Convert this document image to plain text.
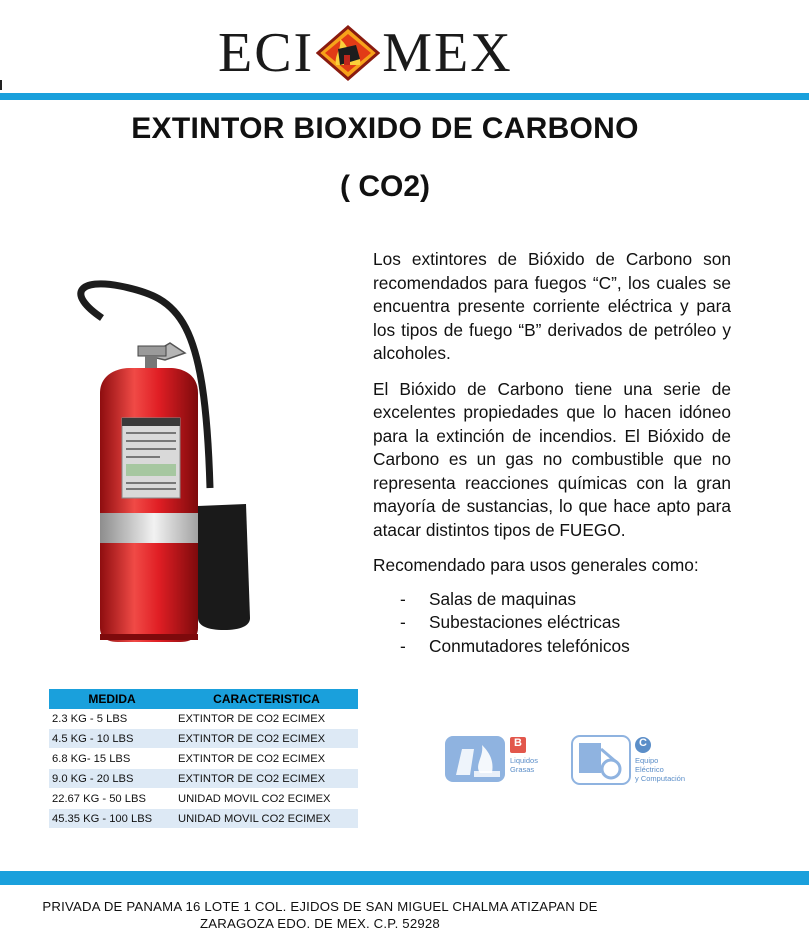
ECI MEX
EXTINTOR BIOXIDO DE CARBONO
( CO2)

Los extintores de Bióxido de Carbono son recomendados para fuegos “C”, los cuales se encuentra presente corriente eléctrica y para los tipos de fuego “B” derivados de petróleo y alcoholes.

El Bióxido de Carbono tiene una serie de excelentes propiedades que lo hacen idóneo para la extinción de incendios. El Bióxido de Carbono es un gas no combustible que no representa reacciones químicas con la gran mayoría de sustancias, lo que hace apto para atacar distintos tipos de FUEGO.

Recomendado para usos generales como:

-	Salas de maquinas
-	Subestaciones eléctricas
-	Conmutadores telefónicos
MEDIDA	CARACTERISTICA
2.3 KG - 5 LBS	EXTINTOR DE CO2 ECIMEX
4.5 KG - 10 LBS	EXTINTOR DE CO2 ECIMEX
6.8 KG- 15 LBS	EXTINTOR DE CO2 ECIMEX
9.0 KG - 20 LBS	EXTINTOR DE CO2 ECIMEX
22.67 KG - 50 LBS	UNIDAD MOVIL CO2 ECIMEX
45.35 KG - 100 LBS	UNIDAD MOVIL CO2 ECIMEX
B
Liquidos
Grasas
C
Equipo
Eléctrico
y Computación
PRIVADA DE PANAMA 16 LOTE 1 COL. EJIDOS DE SAN MIGUEL CHALMA ATIZAPAN DE
ZARAGOZA EDO. DE MEX. C.P. 52928
